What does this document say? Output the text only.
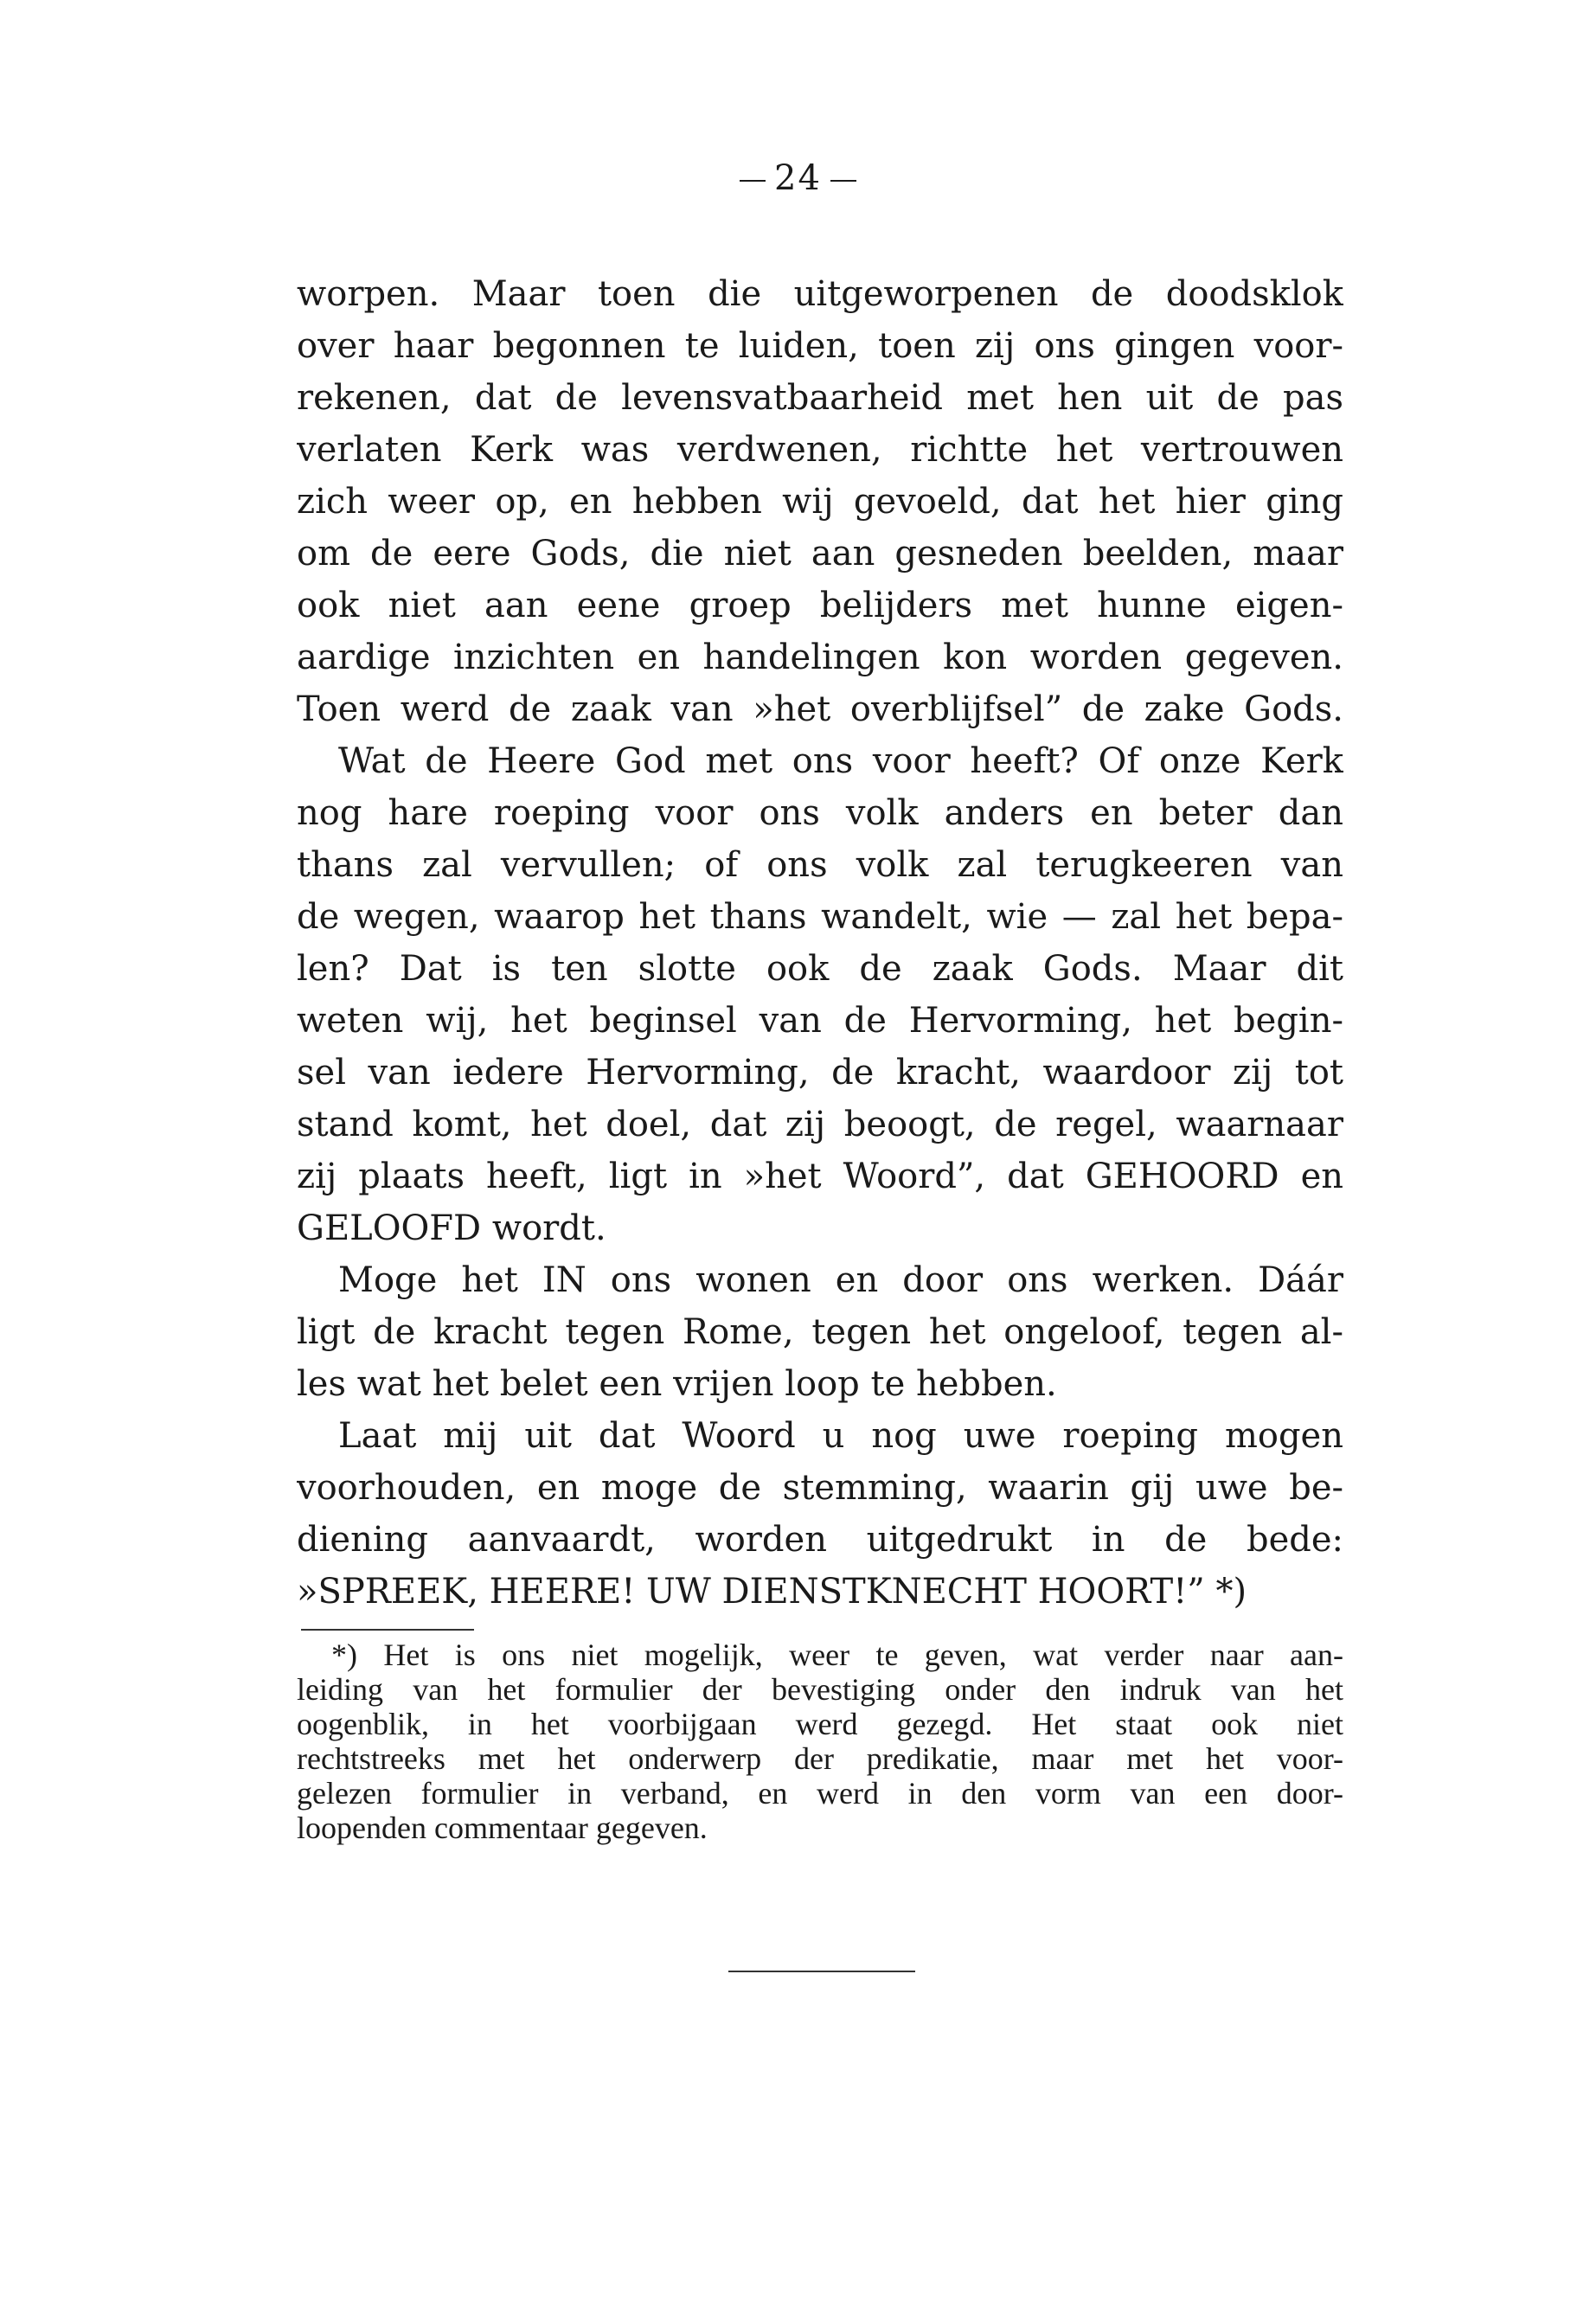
24
worpen. Maar toen die uitgeworpenen de doodsklok
over haar begonnen te luiden, toen zij ons gingen voor-
rekenen, dat de levensvatbaarheid met hen uit de pas
verlaten Kerk was verdwenen, richtte het vertrouwen
zich weer op, en hebben wij gevoeld, dat het hier ging
om de eere Gods, die niet aan gesneden beelden, maar
ook niet aan eene groep belijders met hunne eigen-
aardige inzichten en handelingen kon worden gegeven.
Toen werd de zaak van »het overblijfsel” de zake Gods.
Wat de Heere God met ons voor heeft? Of onze Kerk
nog hare roeping voor ons volk anders en beter dan
thans zal vervullen; of ons volk zal terugkeeren van
de wegen, waarop het thans wandelt, wie — zal het bepa-
len? Dat is ten slotte ook de zaak Gods. Maar dit
weten wij, het beginsel van de Hervorming, het begin-
sel van iedere Hervorming, de kracht, waardoor zij tot
stand komt, het doel, dat zij beoogt, de regel, waarnaar
zij plaats heeft, ligt in »het Woord”, dat GEHOORD en
GELOOFD wordt.
Moge het IN ons wonen en door ons werken. Dáár
ligt de kracht tegen Rome, tegen het ongeloof, tegen al-
les wat het belet een vrijen loop te hebben.
Laat mij uit dat Woord u nog uwe roeping mogen
voorhouden, en moge de stemming, waarin gij uwe be-
diening aanvaardt, worden uitgedrukt in de bede:
»SPREEK, HEERE! UW DIENSTKNECHT HOORT!” *)
*) Het is ons niet mogelijk, weer te geven, wat verder naar aan-
leiding van het formulier der bevestiging onder den indruk van het
oogenblik, in het voorbijgaan werd gezegd. Het staat ook niet
rechtstreeks met het onderwerp der predikatie, maar met het voor-
gelezen formulier in verband, en werd in den vorm van een door-
loopenden commentaar gegeven.
